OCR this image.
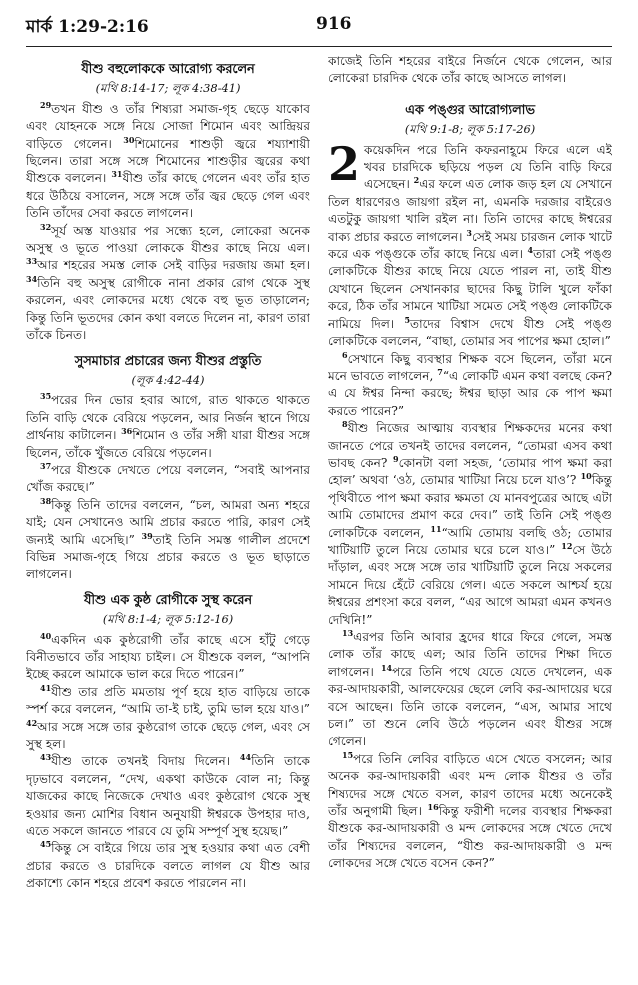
মার্ক 1:29-2:16	916
যীশু বহুলোককে আরোগ্য করলেন
(মথি 8:14-17; লূক 4:38-41)

$^{29}$তখন যীশু ও তাঁর শিষ্যরা সমাজ-গৃহ ছেড়ে যাকোব এবং যোহনকে সঙ্গে নিয়ে সোজা শিমোন এবং আন্দ্রিয়র বাড়িতে গেলেন। $^{30}$শিমোনের শাশুড়ী জ্বরে শয্যাশায়ী ছিলেন। তারা সঙ্গে সঙ্গে শিমোনের শাশুড়ীর জ্বরের কথা যীশুকে বললেন। $^{31}$যীশু তাঁর কাছে গেলেন এবং তাঁর হাত ধরে উঠিয়ে বসালেন, সঙ্গে সঙ্গে তাঁর জ্বর ছেড়ে গেল এবং তিনি তাঁদের সেবা করতে লাগলেন।

$^{32}$সূর্য অস্ত যাওয়ার পর সন্ধ্যে হলে, লোকেরা অনেক অসুস্থ ও ভূতে পাওয়া লোককে যীশুর কাছে নিয়ে এল। $^{33}$আর শহরের সমস্ত লোক সেই বাড়ির দরজায় জমা হল। $^{34}$তিনি বহু অসুস্থ রোগীকে নানা প্রকার রোগ থেকে সুস্থ করলেন, এবং লোকদের মধ্যে থেকে বহু ভূত তাড়ালেন; কিন্তু তিনি ভূতদের কোন কথা বলতে দিলেন না, কারণ তারা তাঁকে চিনত।

সুসমাচার প্রচারের জন্য যীশুর প্রস্তুতি
(লূক 4:42-44)

$^{35}$পরের দিন ভোর হবার আগে, রাত থাকতে থাকতে তিনি বাড়ি থেকে বেরিয়ে পড়লেন, আর নির্জন স্থানে গিয়ে প্রার্থনায় কাটালেন। $^{36}$শিমোন ও তাঁর সঙ্গী যারা যীশুর সঙ্গে ছিলেন, তাঁকে খুঁজতে বেরিয়ে পড়লেন।

$^{37}$পরে যীশুকে দেখতে পেয়ে বললেন, “সবাই আপনার খোঁজ করছে।”

$^{38}$কিন্তু তিনি তাদের বললেন, “চল, আমরা অন্য শহরে যাই; যেন সেখানেও আমি প্রচার করতে পারি, কারণ সেই জন্যই আমি এসেছি।” $^{39}$তাই তিনি সমস্ত গালীল প্রদেশে বিভিন্ন সমাজ-গৃহে গিয়ে প্রচার করতে ও ভূত ছাড়াতে লাগলেন।

যীশু এক কুষ্ঠ রোগীকে সুস্থ করেন
(মথি 8:1-4; লূক 5:12-16)

$^{40}$একদিন এক কুষ্ঠরোগী তাঁর কাছে এসে হাঁটু গেড়ে বিনীতভাবে তাঁর সাহায্য চাইল। সে যীশুকে বলল, “আপনি ইচ্ছে করলে আমাকে ভাল করে দিতে পারেন।”

$^{41}$যীশু তার প্রতি মমতায় পূর্ণ হয়ে হাত বাড়িয়ে তাকে স্পর্শ করে বললেন, “আমি তা-ই চাই, তুমি ভাল হয়ে যাও।” $^{42}$আর সঙ্গে সঙ্গে তার কুষ্ঠরোগ তাকে ছেড়ে গেল, এবং সে সুস্থ হল।

$^{43}$যীশু তাকে তখনই বিদায় দিলেন। $^{44}$তিনি তাকে দৃঢ়ভাবে বললেন, “দেখ, একথা কাউকে বোল না; কিন্তু যাজকের কাছে নিজেকে দেখাও এবং কুষ্ঠরোগ থেকে সুস্থ হওয়ার জন্য মোশির বিধান অনুযায়ী ঈশ্বরকে উপহার দাও, এতে সকলে জানতে পারবে যে তুমি সম্পূর্ণ সুস্থ হয়েছ।”

$^{45}$কিন্তু সে বাইরে গিয়ে তার সুস্থ হওয়ার কথা এত বেশী প্রচার করতে ও চারদিকে বলতে লাগল যে যীশু আর প্রকাশ্যে কোন শহরে প্রবেশ করতে পারলেন না।

কাজেই তিনি শহরের বাইরে নির্জনে থেকে গেলেন, আর লোকেরা চারদিক থেকে তাঁর কাছে আসতে লাগল।

এক পঙ্গুর আরোগ্যলাভ
(মথি 9:1-8; লূক 5:17-26)

2 কয়েকদিন পরে তিনি কফরনাহূমে ফিরে এলে এই খবর চারদিকে ছড়িয়ে পড়ল যে তিনি বাড়ি ফিরে এসেছেন। $^2$এর ফলে এত লোক জড় হল যে সেখানে তিল ধারণেরও জায়গা রইল না, এমনকি দরজার বাইরেও এতটুকু জায়গা খালি রইল না। তিনি তাদের কাছে ঈশ্বরের বাক্য প্রচার করতে লাগলেন। $^3$সেই সময় চারজন লোক খাটে করে এক পঙ্গুকে তাঁর কাছে নিয়ে এল। $^4$তারা সেই পঙ্গু লোকটিকে যীশুর কাছে নিয়ে যেতে পারল না, তাই যীশু যেখানে ছিলেন সেখানকার ছাদের কিছু টালি খুলে ফাঁকা করে, ঠিক তাঁর সামনে খাটিয়া সমেত সেই পঙ্গু লোকটিকে নামিয়ে দিল। $^5$তাদের বিশ্বাস দেখে যীশু সেই পঙ্গু লোকটিকে বললেন, “বাছা, তোমার সব পাপের ক্ষমা হোল।”

$^6$সেখানে কিছু ব্যবস্থার শিক্ষক বসে ছিলেন, তাঁরা মনে মনে ভাবতে লাগলেন, $^7$“এ লোকটি এমন কথা বলছে কেন? এ যে ঈশ্বর নিন্দা করছে; ঈশ্বর ছাড়া আর কে পাপ ক্ষমা করতে পারেন?”

$^8$যীশু নিজের আত্মায় ব্যবস্থার শিক্ষকদের মনের কথা জানতে পেরে তখনই তাদের বললেন, “তোমরা এসব কথা ভাবছ কেন? $^9$কোনটা বলা সহজ, ‘তোমার পাপ ক্ষমা করা হোল’ অথবা ‘ওঠ, তোমার খাটিয়া নিয়ে চলে যাও’? $^{10}$কিন্তু পৃথিবীতে পাপ ক্ষমা করার ক্ষমতা যে মানবপুত্রের আছে এটা আমি তোমাদের প্রমাণ করে দেব।” তাই তিনি সেই পঙ্গু লোকটিকে বললেন, $^{11}$“আমি তোমায় বলছি ওঠ; তোমার খাটিয়াটি তুলে নিয়ে তোমার ঘরে চলে যাও।” $^{12}$সে উঠে দাঁড়াল, এবং সঙ্গে সঙ্গে তার খাটিয়াটি তুলে নিয়ে সকলের সামনে দিয়ে হেঁটে বেরিয়ে গেল। এতে সকলে আশ্চর্য হয়ে ঈশ্বরের প্রশংসা করে বলল, “এর আগে আমরা এমন কখনও দেখিনি!”

$^{13}$এরপর তিনি আবার হ্রদের ধারে ফিরে গেলে, সমস্ত লোক তাঁর কাছে এল; আর তিনি তাদের শিক্ষা দিতে লাগলেন। $^{14}$পরে তিনি পথে যেতে যেতে দেখলেন, এক কর-আদায়কারী, আলফেয়ের ছেলে লেবি কর-আদায়ের ঘরে বসে আছেন। তিনি তাকে বললেন, “এস, আমার সাথে চল।” তা শুনে লেবি উঠে পড়লেন এবং যীশুর সঙ্গে গেলেন।

$^{15}$পরে তিনি লেবির বাড়িতে এসে খেতে বসলেন; আর অনেক কর-আদায়কারী এবং মন্দ লোক যীশুর ও তাঁর শিষ্যদের সঙ্গে খেতে বসল, কারণ তাদের মধ্যে অনেকেই তাঁর অনুগামী ছিল। $^{16}$কিন্তু ফরীশী দলের ব্যবস্থার শিক্ষকরা যীশুকে কর-আদায়কারী ও মন্দ লোকদের সঙ্গে খেতে দেখে তাঁর শিষ্যদের বললেন, “যীশু কর-আদায়কারী ও মন্দ লোকদের সঙ্গে খেতে বসেন কেন?”
